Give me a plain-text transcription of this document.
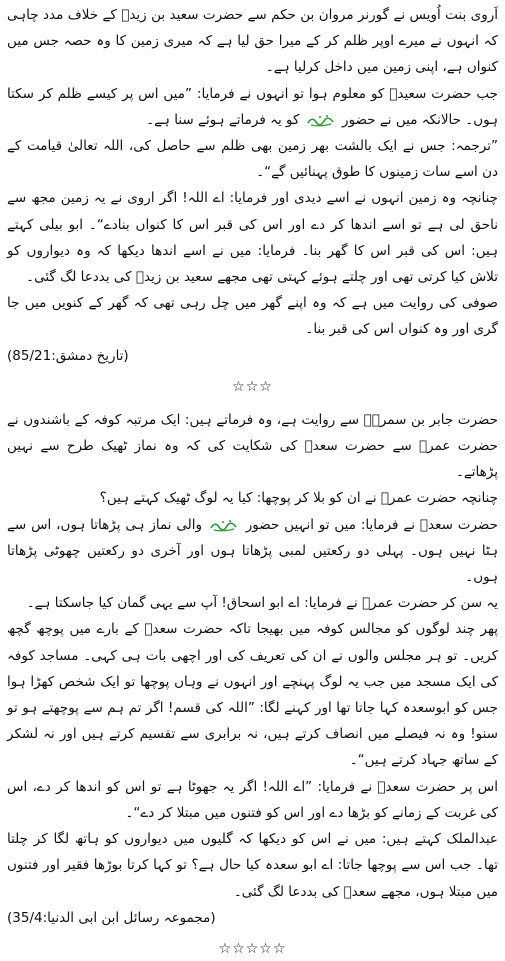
اَروی بنت اُویس نے گورنر مروان بن حکم سے حضرت سعید بن زیدؓ کے خلاف مدد چاہی کہ انہوں نے میرے اوپر ظلم کر کے میرا حق لیا ہے کہ میری زمین کا وہ حصہ جس میں کنواں ہے، اپنی زمین میں داخل کرلیا ہے۔

جب حضرت سعیدؓ کو معلوم ہوا تو انہوں نے فرمایا: ”میں اس پر کیسے ظلم کر سکتا ہوں۔ حالانکہ میں نے حضور  کو یہ فرماتے ہوئے سنا ہے۔

”ترجمہ: جس نے ایک بالشت بھر زمین بھی ظلم سے حاصل کی، اللہ تعالیٰ قیامت کے دن اسے سات زمینوں کا طوق پہنائیں گے“۔

چنانچہ وہ زمین انہوں نے اسے دیدی اور فرمایا: اے اللہ! اگر اروی نے یہ زمین مجھ سے ناحق لی ہے تو اسے اندھا کر دے اور اس کی قبر اس کا کنواں بنادے“۔ ابو بیلی کہتے ہیں: اس کی قبر اس کا گھر بنا۔ فرمایا: میں نے اسے اندھا دیکھا کہ وہ دیواروں کو تلاش کیا کرتی تھی اور چلتے ہوئے کہتی تھی مجھے سعید بن زیدؓ کی بددعا لگ گئی۔

صوفی کی روایت میں ہے کہ وہ اپنے گھر میں چل رہی تھی کہ گھر کے کنویں میں جا گری اور وہ کنواں اس کی قبر بنا۔

(تاریخ دمشق:85/21)
☆☆☆

حضرت جابر بن سمرہؓ سے روایت ہے، وہ فرماتے ہیں: ایک مرتبہ کوفہ کے باشندوں نے حضرت عمرؓ سے حضرت سعدؓ کی شکایت کی کہ وہ نماز ٹھیک طرح سے نہیں پڑھاتے۔

چنانچہ حضرت عمرؓ نے ان کو بلا کر پوچھا: کیا یہ لوگ ٹھیک کہتے ہیں؟

حضرت سعدؓ نے فرمایا: میں تو انہیں حضور  والی نماز ہی پڑھاتا ہوں، اس سے ہٹا نہیں ہوں۔ پہلی دو رکعتیں لمبی پڑھاتا ہوں اور آخری دو رکعتیں چھوٹی پڑھاتا ہوں۔

یہ سن کر حضرت عمرؓ نے فرمایا: اے ابو اسحاق! آپ سے یہی گمان کیا جاسکتا ہے۔

پھر چند لوگوں کو مجالس کوفہ میں بھیجا تاکہ حضرت سعدؓ کے بارے میں پوچھ گچھ کریں۔ تو ہر مجلس والوں نے ان کی تعریف کی اور اچھی بات ہی کہی۔ مساجد کوفہ کی ایک مسجد میں جب یہ لوگ پہنچے اور انہوں نے وہاں پوچھا تو ایک شخص کھڑا ہوا جس کو ابوسعدہ کہا جاتا تھا اور کہنے لگا: ”اللہ کی قسم! اگر تم ہم سے پوچھتے ہو تو سنو! وہ نہ فیصلے میں انصاف کرتے ہیں، نہ برابری سے تقسیم کرتے ہیں اور نہ لشکر کے ساتھ جہاد کرتے ہیں“۔

اس پر حضرت سعدؓ نے فرمایا: ”اے اللہ! اگر یہ جھوٹا ہے تو اس کو اندھا کر دے، اس کی غربت کے زمانے کو بڑھا دے اور اس کو فتنوں میں مبتلا کر دے“۔

عبدالملک کہتے ہیں: میں نے اس کو دیکھا کہ گلیوں میں دیواروں کو ہاتھ لگا کر چلتا تھا۔ جب اس سے پوچھا جاتا: اے ابو سعدہ کیا حال ہے؟ تو کہا کرتا بوڑھا فقیر اور فتنوں میں مبتلا ہوں، مجھے سعدؓ کی بددعا لگ گئی۔

(مجموعہ رسائل ابن ابی الدنیا:35/4)
☆☆☆☆☆
